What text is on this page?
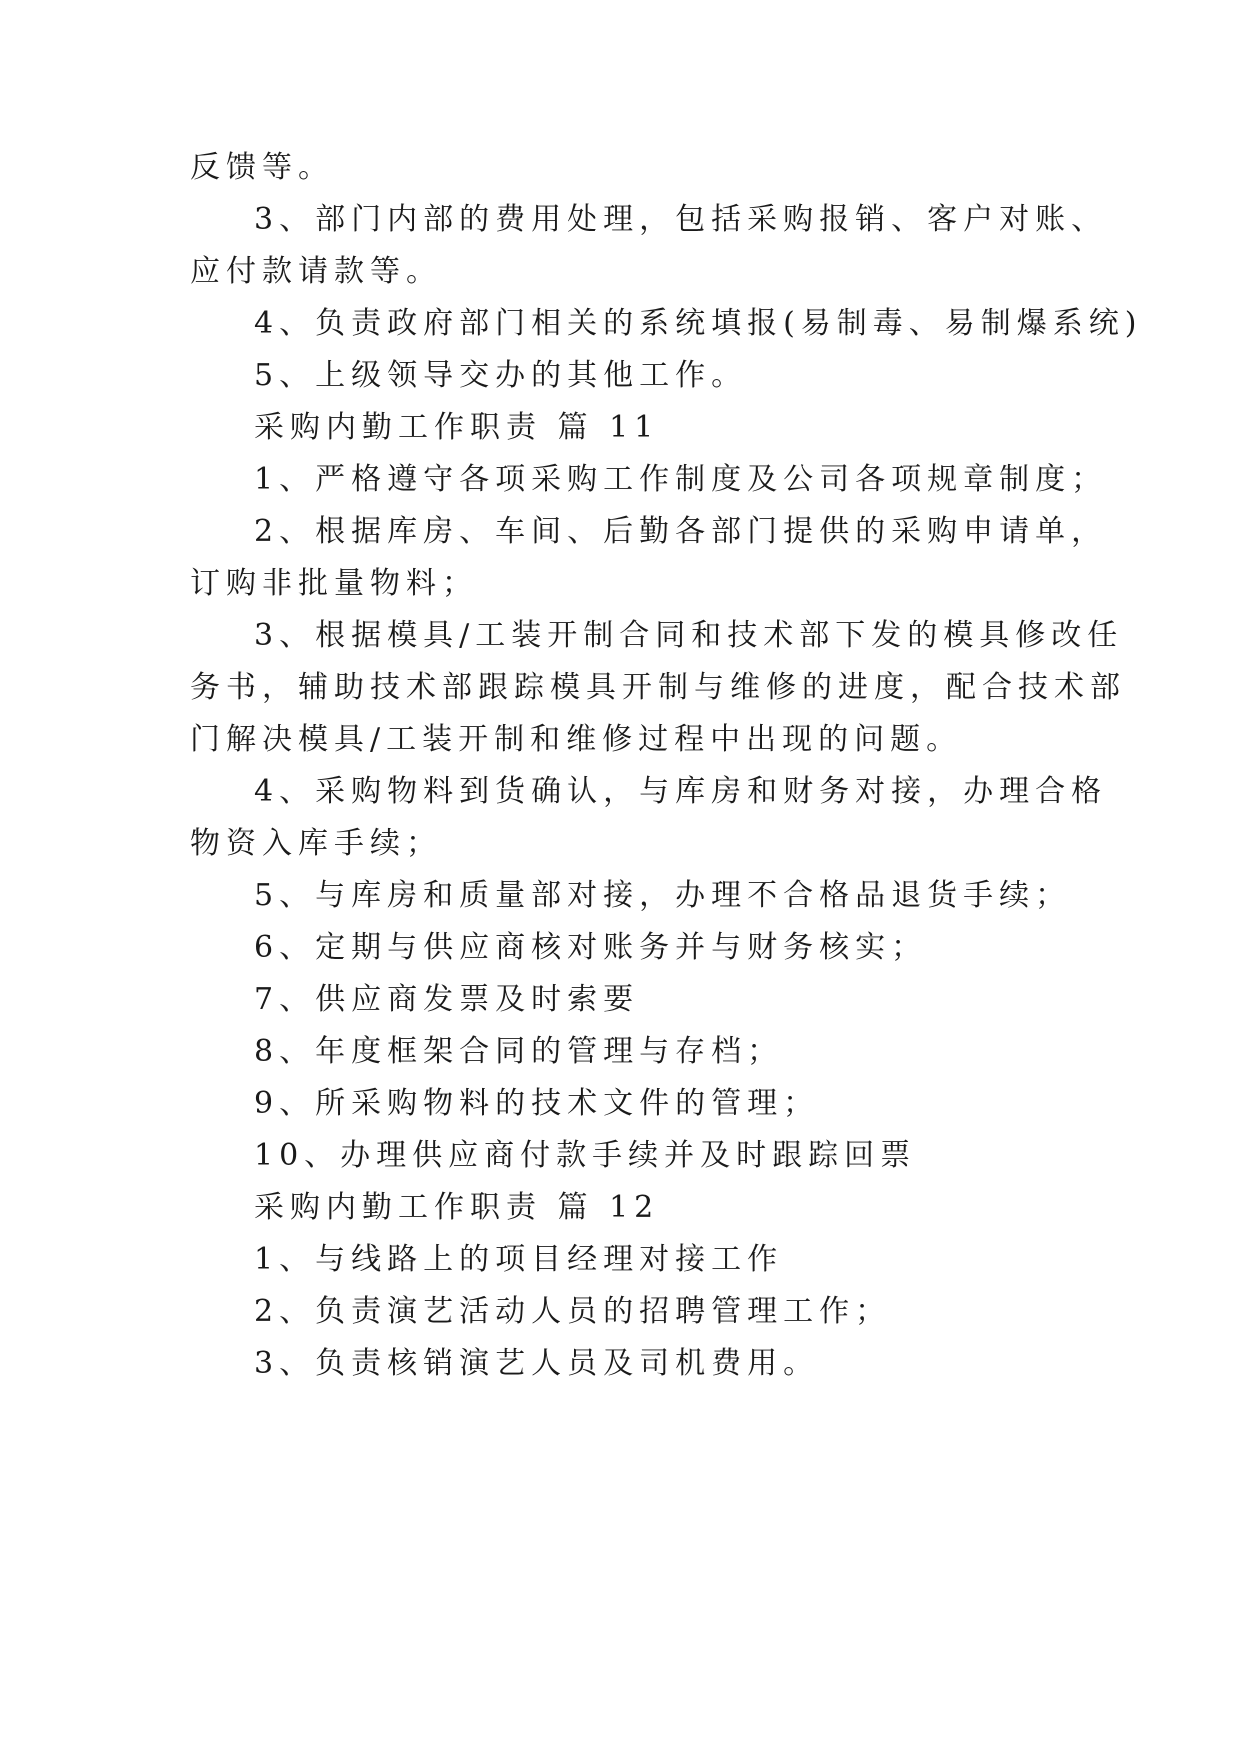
反馈等。

3、部门内部的费用处理，包括采购报销、客户对账、

应付款请款等。

4、负责政府部门相关的系统填报(易制毒、易制爆系统)

5、上级领导交办的其他工作。

采购内勤工作职责 篇 11

1、严格遵守各项采购工作制度及公司各项规章制度；

2、根据库房、车间、后勤各部门提供的采购申请单，

订购非批量物料；

3、根据模具/工装开制合同和技术部下发的模具修改任

务书，辅助技术部跟踪模具开制与维修的进度，配合技术部

门解决模具/工装开制和维修过程中出现的问题。

4、采购物料到货确认，与库房和财务对接，办理合格

物资入库手续；

5、与库房和质量部对接，办理不合格品退货手续；

6、定期与供应商核对账务并与财务核实；

7、供应商发票及时索要

8、年度框架合同的管理与存档；

9、所采购物料的技术文件的管理；

10、办理供应商付款手续并及时跟踪回票

采购内勤工作职责 篇 12

1、与线路上的项目经理对接工作

2、负责演艺活动人员的招聘管理工作；

3、负责核销演艺人员及司机费用。
